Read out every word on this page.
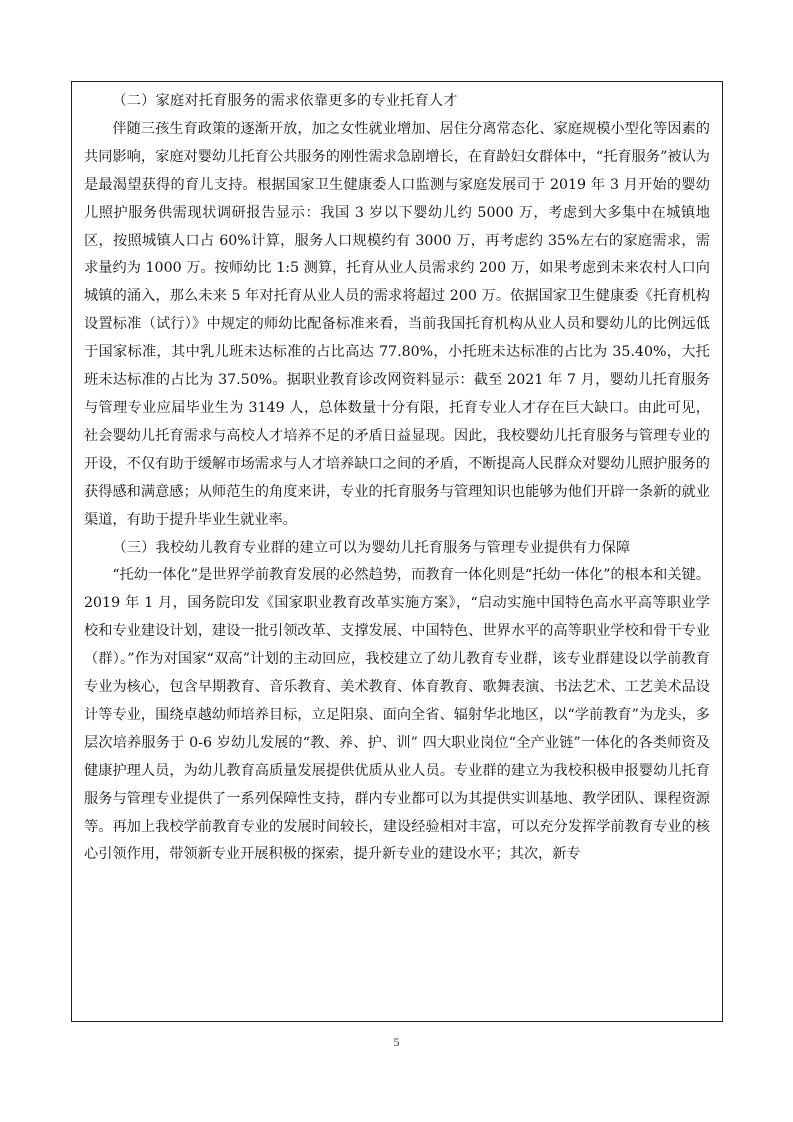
（二）家庭对托育服务的需求依靠更多的专业托育人才

伴随三孩生育政策的逐渐开放，加之女性就业增加、居住分离常态化、家庭规模小型化等因素的共同影响，家庭对婴幼儿托育公共服务的刚性需求急剧增长，在育龄妇女群体中，“托育服务”被认为是最渴望获得的育儿支持。根据国家卫生健康委人口监测与家庭发展司于 2019 年 3 月开始的婴幼儿照护服务供需现状调研报告显示：我国 3 岁以下婴幼儿约 5000 万，考虑到大多集中在城镇地区，按照城镇人口占 60%计算，服务人口规模约有 3000 万，再考虑约 35%左右的家庭需求，需求量约为 1000 万。按师幼比 1:5 测算，托育从业人员需求约 200 万，如果考虑到未来农村人口向城镇的涌入，那么未来 5 年对托育从业人员的需求将超过 200 万。依据国家卫生健康委《托育机构设置标准（试行）》中规定的师幼比配备标准来看，当前我国托育机构从业人员和婴幼儿的比例远低于国家标准，其中乳儿班未达标准的占比高达 77.80%，小托班未达标准的占比为 35.40%，大托班未达标准的占比为 37.50%。据职业教育诊改网资料显示：截至 2021 年 7 月，婴幼儿托育服务与管理专业应届毕业生为 3149 人，总体数量十分有限，托育专业人才存在巨大缺口。由此可见，社会婴幼儿托育需求与高校人才培养不足的矛盾日益显现。因此，我校婴幼儿托育服务与管理专业的开设，不仅有助于缓解市场需求与人才培养缺口之间的矛盾，不断提高人民群众对婴幼儿照护服务的获得感和满意感；从师范生的角度来讲，专业的托育服务与管理知识也能够为他们开辟一条新的就业渠道，有助于提升毕业生就业率。

（三）我校幼儿教育专业群的建立可以为婴幼儿托育服务与管理专业提供有力保障

“托幼一体化”是世界学前教育发展的必然趋势，而教育一体化则是“托幼一体化”的根本和关键。2019 年 1 月，国务院印发《国家职业教育改革实施方案》，“启动实施中国特色高水平高等职业学校和专业建设计划，建设一批引领改革、支撑发展、中国特色、世界水平的高等职业学校和骨干专业（群）。”作为对国家“双高”计划的主动回应，我校建立了幼儿教育专业群，该专业群建设以学前教育专业为核心，包含早期教育、音乐教育、美术教育、体育教育、歌舞表演、书法艺术、工艺美术品设计等专业，围绕卓越幼师培养目标，立足阳泉、面向全省、辐射华北地区，以“学前教育”为龙头，多层次培养服务于 0-6 岁幼儿发展的“教、养、护、训” 四大职业岗位“全产业链”一体化的各类师资及健康护理人员，为幼儿教育高质量发展提供优质从业人员。专业群的建立为我校积极申报婴幼儿托育服务与管理专业提供了一系列保障性支持，群内专业都可以为其提供实训基地、教学团队、课程资源等。再加上我校学前教育专业的发展时间较长，建设经验相对丰富，可以充分发挥学前教育专业的核心引领作用，带领新专业开展积极的探索，提升新专业的建设水平；其次，新专

5
